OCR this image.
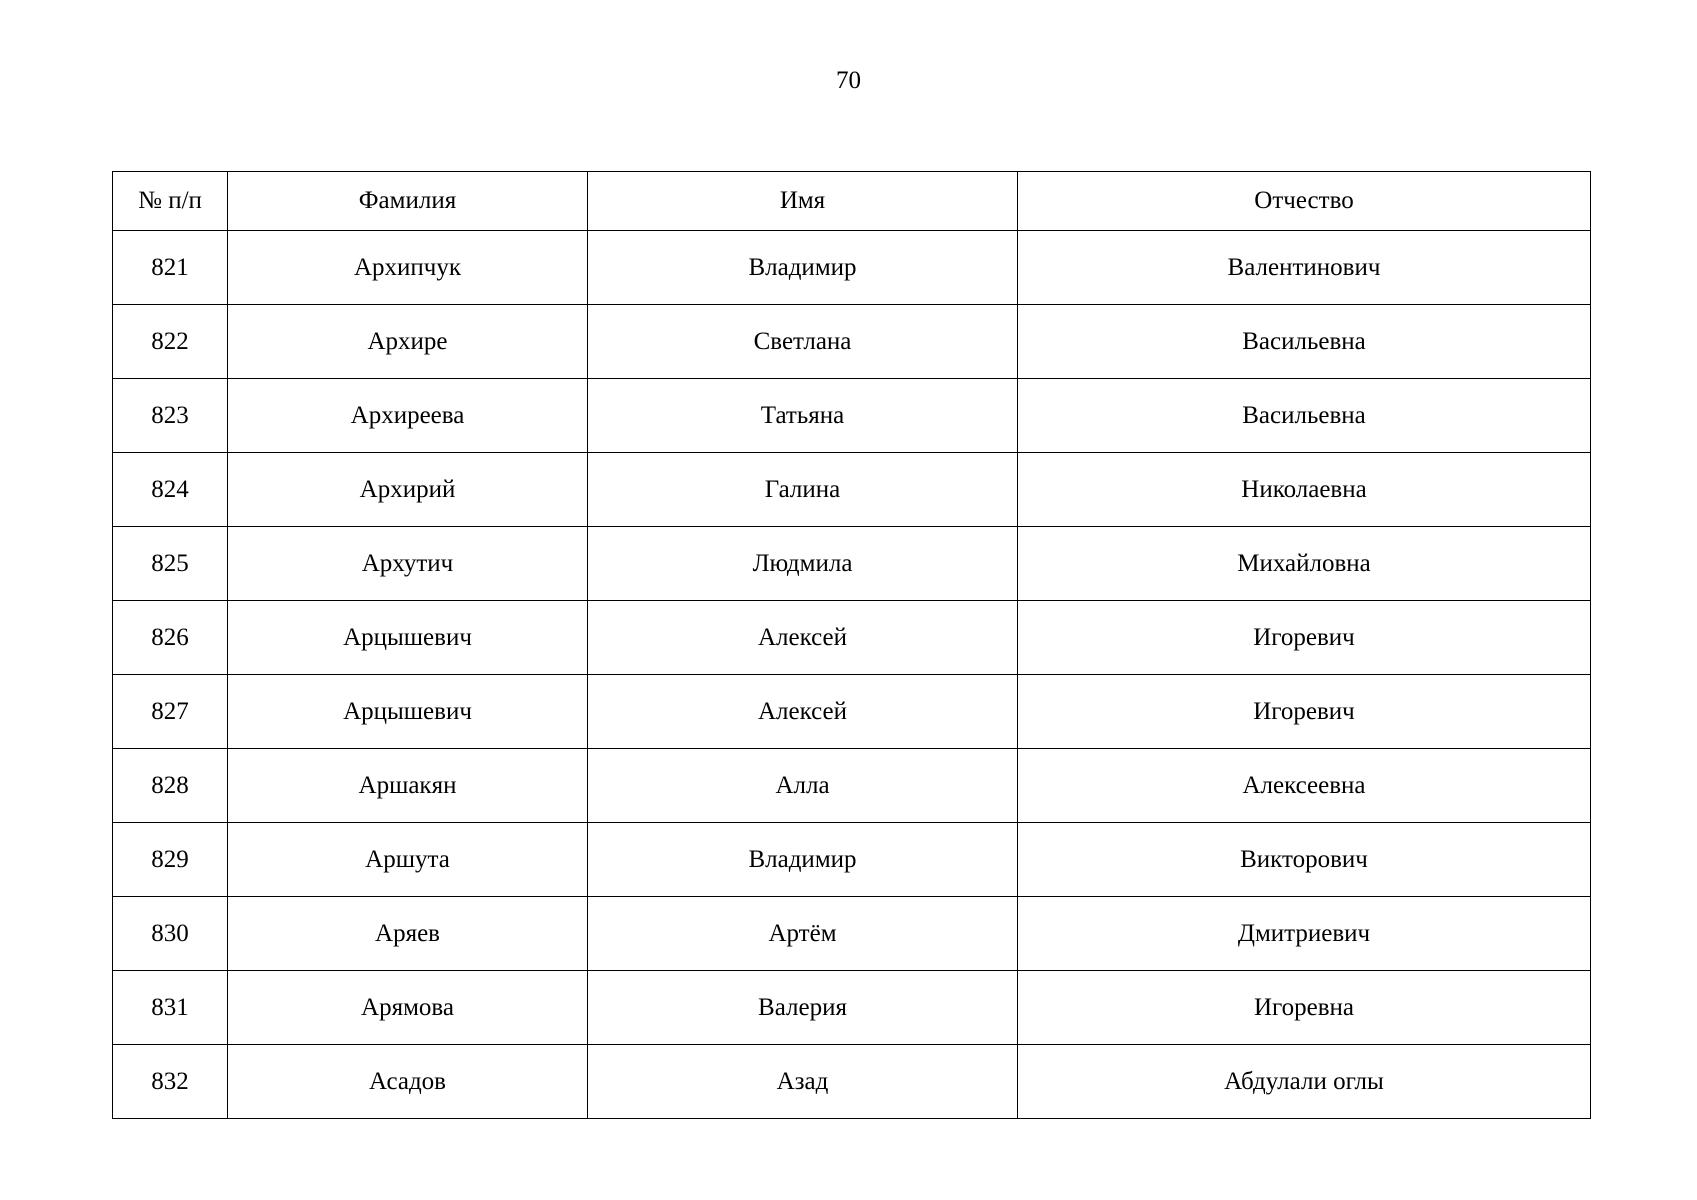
70
№ п/п	Фамилия	Имя	Отчество
821	Архипчук	Владимир	Валентинович
822	Архире	Светлана	Васильевна
823	Архиреева	Татьяна	Васильевна
824	Архирий	Галина	Николаевна
825	Архутич	Людмила	Михайловна
826	Арцышевич	Алексей	Игоревич
827	Арцышевич	Алексей	Игоревич
828	Аршакян	Алла	Алексеевна
829	Аршута	Владимир	Викторович
830	Аряев	Артём	Дмитриевич
831	Арямова	Валерия	Игоревна
832	Асадов	Азад	Абдулали оглы
